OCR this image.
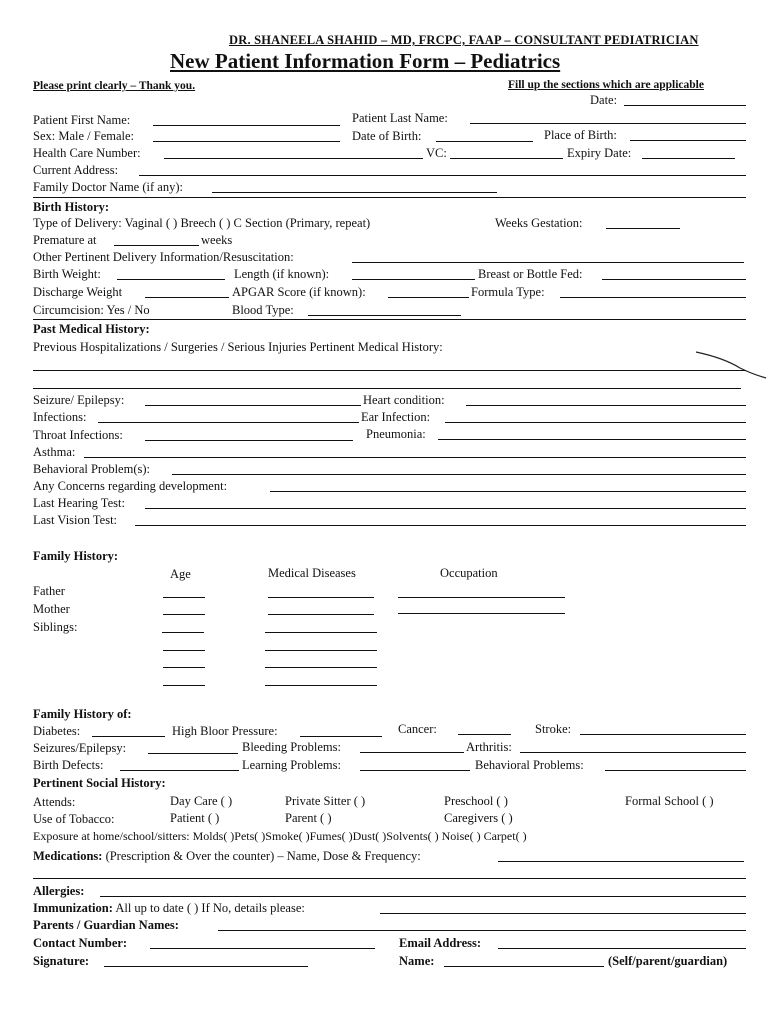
DR. SHANEELA SHAHID – MD, FRCPC, FAAP – CONSULTANT PEDIATRICIAN
New Patient Information Form – Pediatrics
Please print clearly – Thank you.	Fill up the sections which are applicable
Date:
Patient First Name:	Patient Last Name:
Sex: Male / Female:	Date of Birth:	Place of Birth:
Health Care Number:	VC:	Expiry Date:
Current Address:
Family Doctor Name (if any):
Birth History:
Type of Delivery: Vaginal ( ) Breech ( ) C Section (Primary, repeat)	Weeks Gestation:
Premature at	weeks
Other Pertinent Delivery Information/Resuscitation:
Birth Weight:	Length (if known):	Breast or Bottle Fed:
Discharge Weight	APGAR Score (if known):	Formula Type:
Circumcision: Yes / No	Blood Type:
Past Medical History:
Previous Hospitalizations / Surgeries / Serious Injuries Pertinent Medical History:
Seizure/ Epilepsy:	Heart condition:
Infections:	Ear Infection:
Throat Infections:	Pneumonia:
Asthma:
Behavioral Problem(s):
Any Concerns regarding development:
Last Hearing Test:
Last Vision Test:
Family History:
Age	Medical Diseases	Occupation
Father
Mother
Siblings:
Family History of:
Diabetes:	High Bloor Pressure:	Cancer:	Stroke:
Seizures/Epilepsy:	Bleeding Problems:	Arthritis:
Birth Defects:	Learning Problems:	Behavioral Problems:
Pertinent Social History:
Attends:	Day Care ( )	Private Sitter ( )	Preschool ( )	Formal School ( )
Use of Tobacco:	Patient ( )	Parent ( )	Caregivers ( )
Exposure at home/school/sitters: Molds( )Pets( )Smoke( )Fumes( )Dust( )Solvents( ) Noise( ) Carpet( )
Medications: (Prescription & Over the counter) – Name, Dose & Frequency:
Allergies:
Immunization: All up to date ( ) If No, details please:
Parents / Guardian Names:
Contact Number:	Email Address:
Signature:	Name:	(Self/parent/guardian)
